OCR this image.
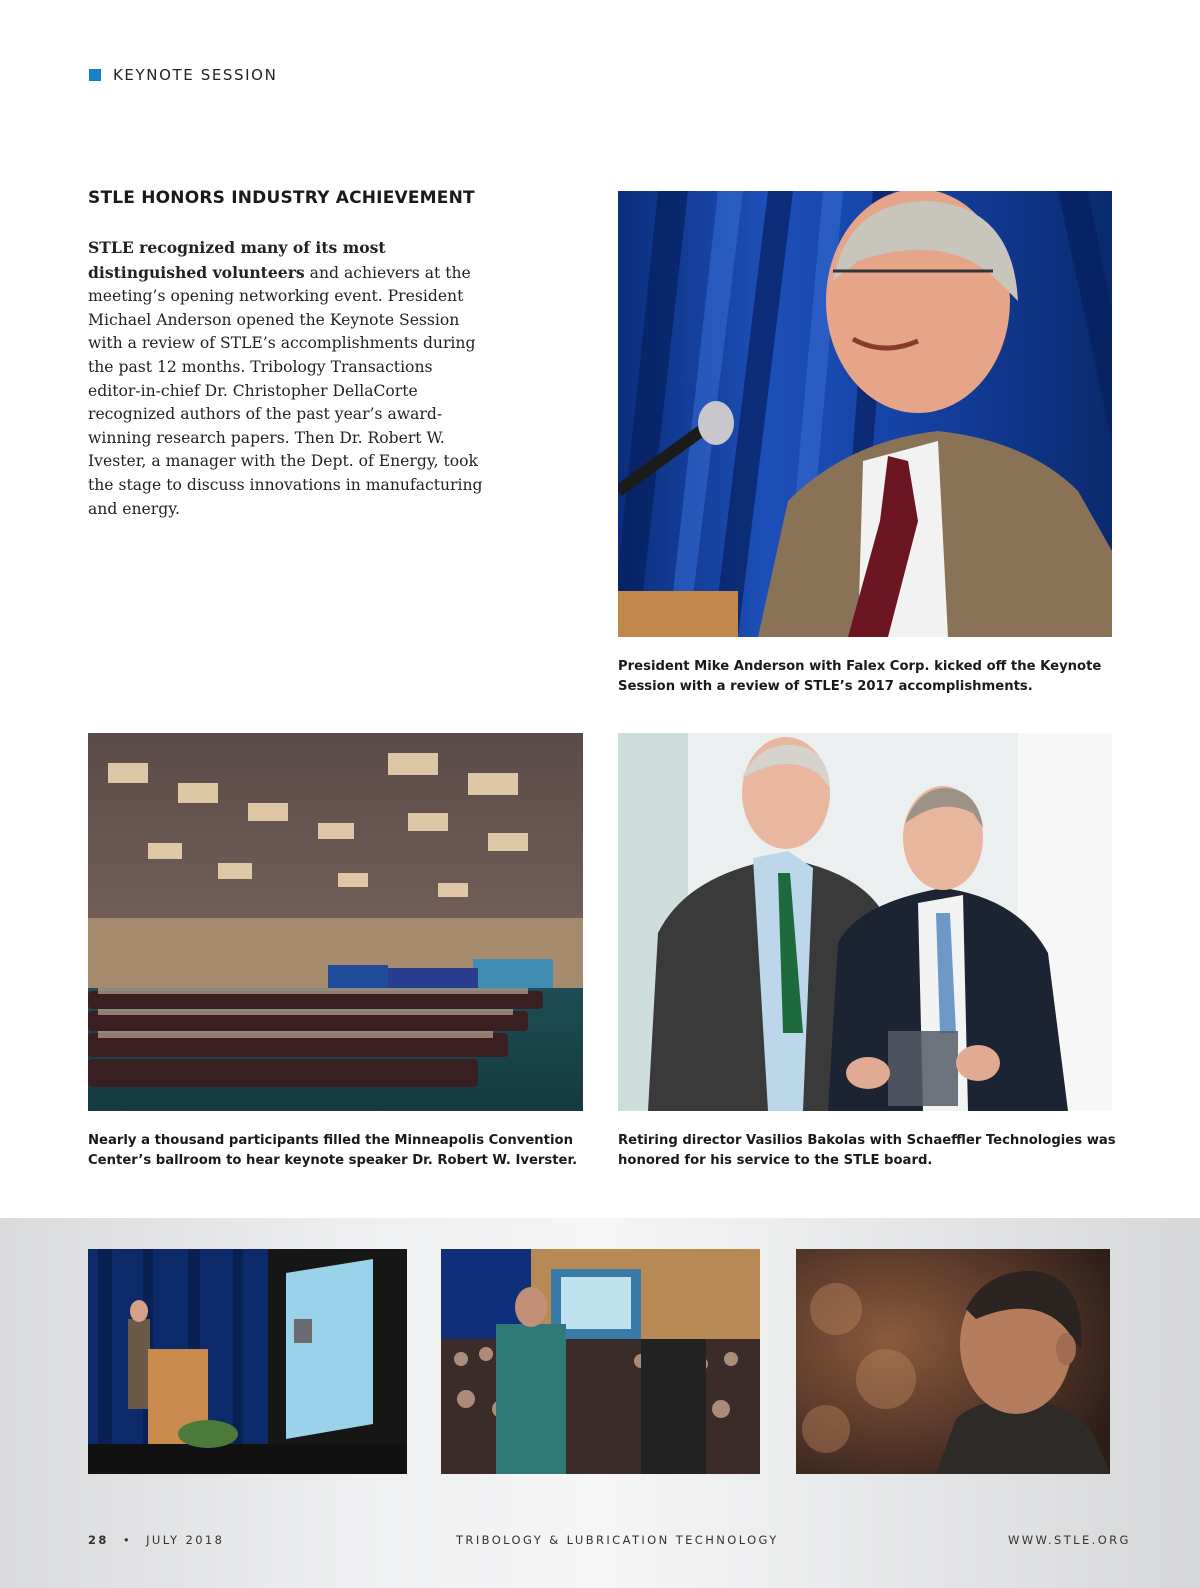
KEYNOTE SESSION
STLE HONORS INDUSTRY ACHIEVEMENT

STLE recognized many of its most distinguished volunteers and achievers at the meeting’s opening networking event. President Michael Anderson opened the Keynote Session with a review of STLE’s accomplishments during the past 12 months. Tribology Transactions editor-in-chief Dr. Christopher DellaCorte recognized authors of the past year’s award-winning research papers. Then Dr. Robert W. Ivester, a manager with the Dept. of Energy, took the stage to discuss innovations in manufacturing and energy.

President Mike Anderson with Falex Corp. kicked off the Keynote Session with a review of STLE’s 2017 accomplishments.
Nearly a thousand participants filled the Minneapolis Convention Center’s ballroom to hear keynote speaker Dr. Robert W. Iverster.
Retiring director Vasilios Bakolas with Schaeffler Technologies was honored for his service to the STLE board.
28 • JULY 2018	TRIBOLOGY & LUBRICATION TECHNOLOGY	WWW.STLE.ORG
